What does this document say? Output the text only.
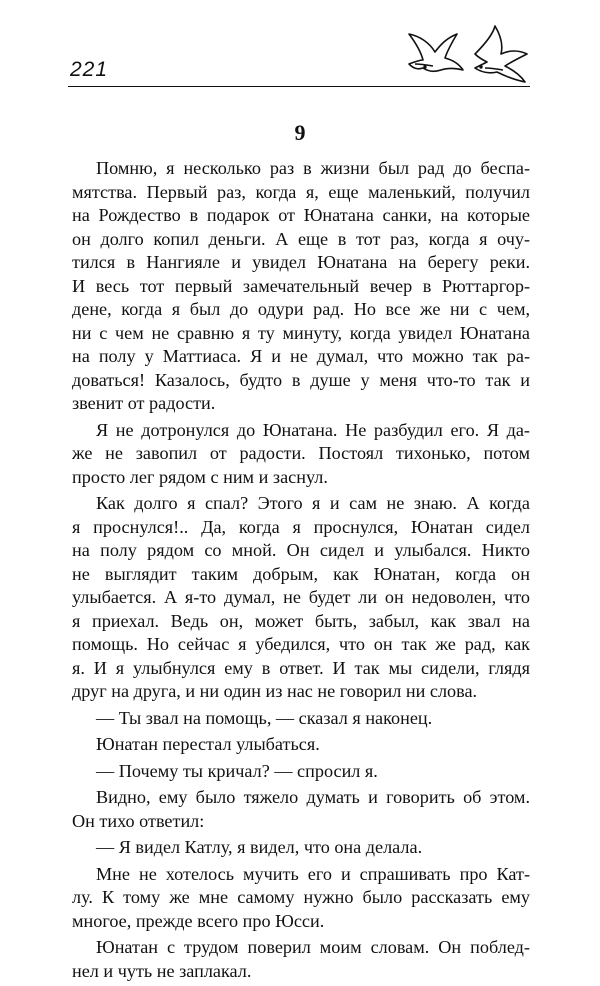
221
9
Помню, я несколько раз в жизни был рад до беспа-
мятства. Первый раз, когда я, еще маленький, получил
на Рождество в подарок от Юнатана санки, на которые
он долго копил деньги. А еще в тот раз, когда я очу-
тился в Нангияле и увидел Юнатана на берегу реки.
И весь тот первый замечательный вечер в Рюттаргор-
дене, когда я был до одури рад. Но все же ни с чем,
ни с чем не сравню я ту минуту, когда увидел Юнатана
на полу у Маттиаса. Я и не думал, что можно так ра-
доваться! Казалось, будто в душе у меня что-то так и
звенит от радости.
Я не дотронулся до Юнатана. Не разбудил его. Я да-
же не завопил от радости. Постоял тихонько, потом
просто лег рядом с ним и заснул.
Как долго я спал? Этого я и сам не знаю. А когда
я проснулся!.. Да, когда я проснулся, Юнатан сидел
на полу рядом со мной. Он сидел и улыбался. Никто
не выглядит таким добрым, как Юнатан, когда он
улыбается. А я-то думал, не будет ли он недоволен, что
я приехал. Ведь он, может быть, забыл, как звал на
помощь. Но сейчас я убедился, что он так же рад, как
я. И я улыбнулся ему в ответ. И так мы сидели, глядя
друг на друга, и ни один из нас не говорил ни слова.
— Ты звал на помощь, — сказал я наконец.
Юнатан перестал улыбаться.
— Почему ты кричал? — спросил я.
Видно, ему было тяжело думать и говорить об этом.
Он тихо ответил:
— Я видел Катлу, я видел, что она делала.
Мне не хотелось мучить его и спрашивать про Кат-
лу. К тому же мне самому нужно было рассказать ему
многое, прежде всего про Юсси.
Юнатан с трудом поверил моим словам. Он поблед-
нел и чуть не заплакал.
